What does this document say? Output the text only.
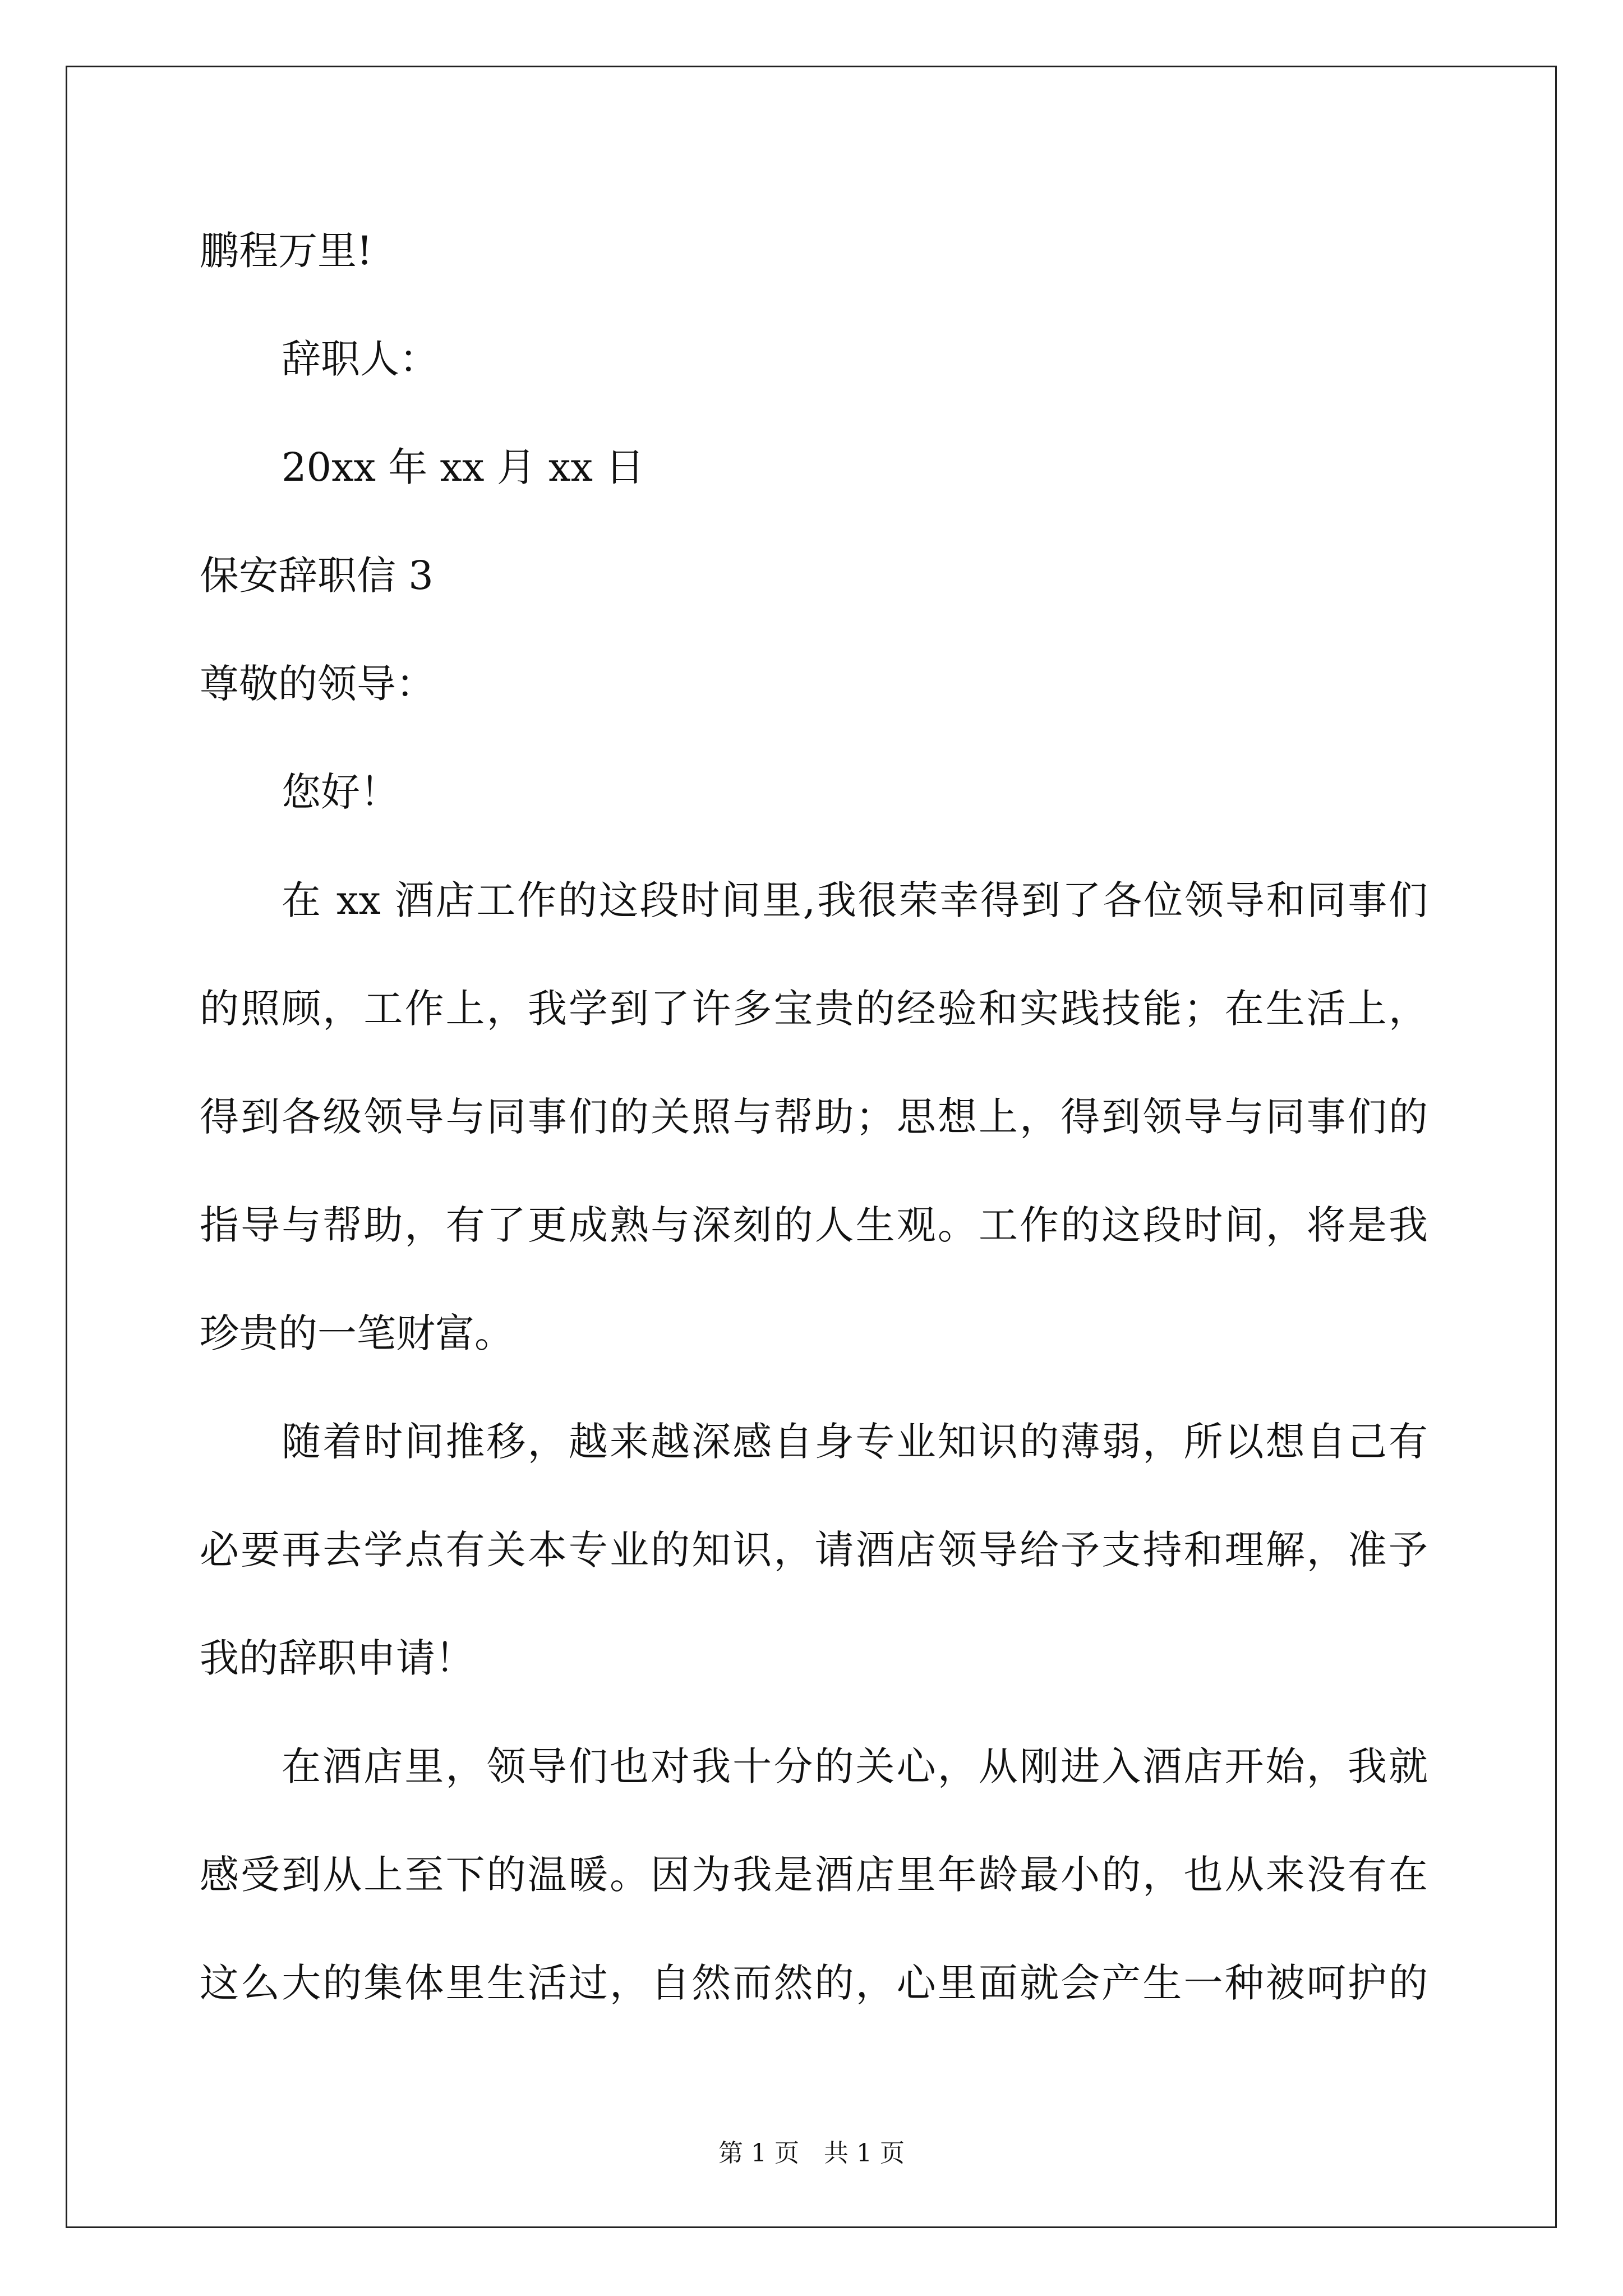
鹏程万里!
辞职人：
20xx 年 xx 月 xx 日
保安辞职信 3
尊敬的领导：
您好！
在 xx 酒店工作的这段时间里,我很荣幸得到了各位领导和同事们
的照顾，工作上，我学到了许多宝贵的经验和实践技能；在生活上，
得到各级领导与同事们的关照与帮助；思想上，得到领导与同事们的
指导与帮助，有了更成熟与深刻的人生观。工作的这段时间，将是我
珍贵的一笔财富。
随着时间推移，越来越深感自身专业知识的薄弱，所以想自己有
必要再去学点有关本专业的知识，请酒店领导给予支持和理解，准予
我的辞职申请！
在酒店里，领导们也对我十分的关心，从刚进入酒店开始，我就
感受到从上至下的温暖。因为我是酒店里年龄最小的，也从来没有在
这么大的集体里生活过，自然而然的，心里面就会产生一种被呵护的
第 1 页　共 1 页
